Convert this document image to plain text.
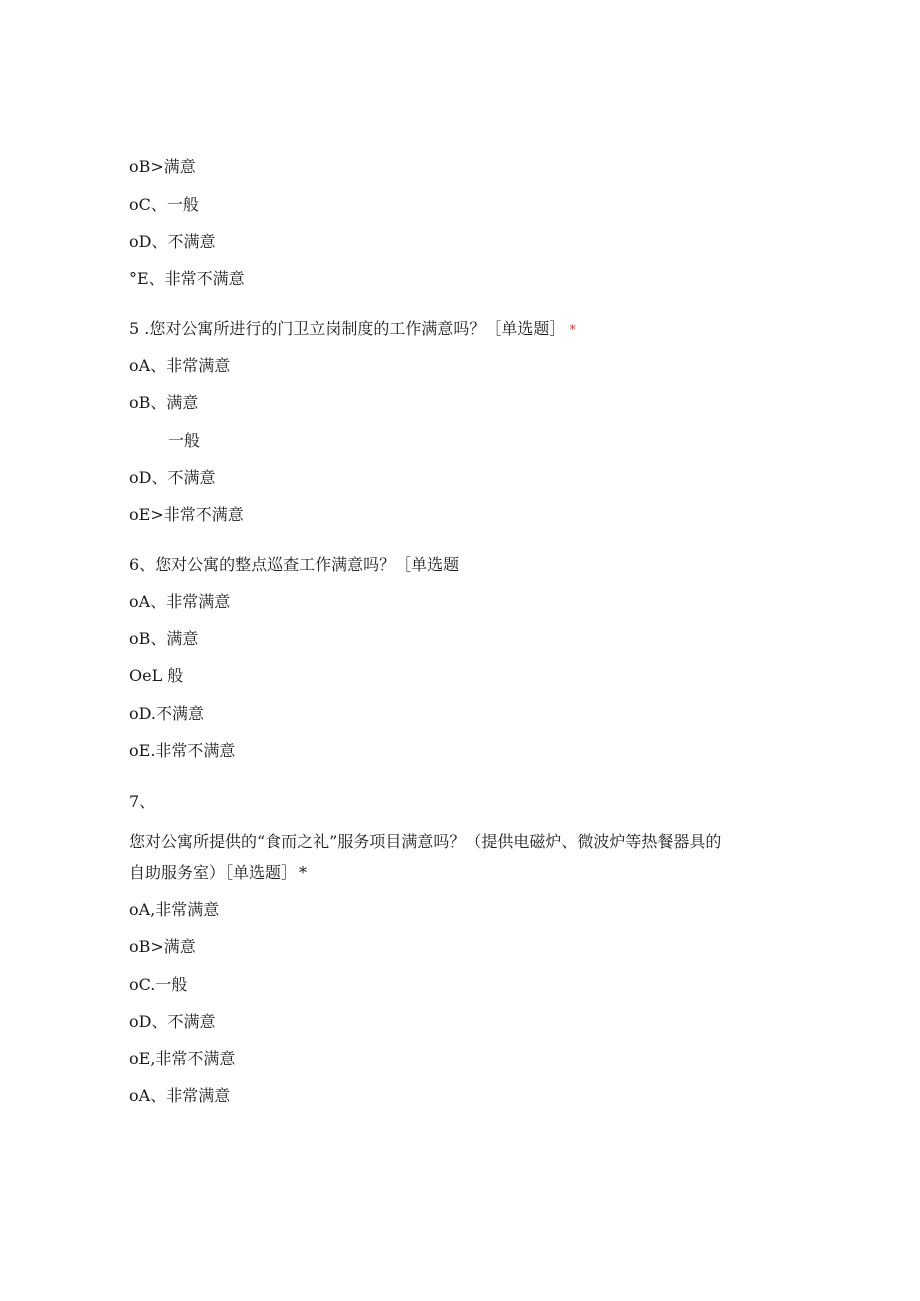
oB>满意
oC、一般
oD、不满意
°E、非常不满意
5 .您对公寓所进行的门卫立岗制度的工作满意吗？［单选题］ *
oA、非常满意
oB、满意
一般
oD、不满意
oE>非常不满意
6、您对公寓的整点巡查工作满意吗？［单选题
oA、非常满意
oB、满意
OeL 般
oD.不满意
oE.非常不满意
7、
您对公寓所提供的“食而之礼”服务项目满意吗？（提供电磁炉、微波炉等热餐器具的
自助服务室）［单选题］ *
oA,非常满意
oB>满意
oC.一般
oD、不满意
oE,非常不满意
oA、非常满意
